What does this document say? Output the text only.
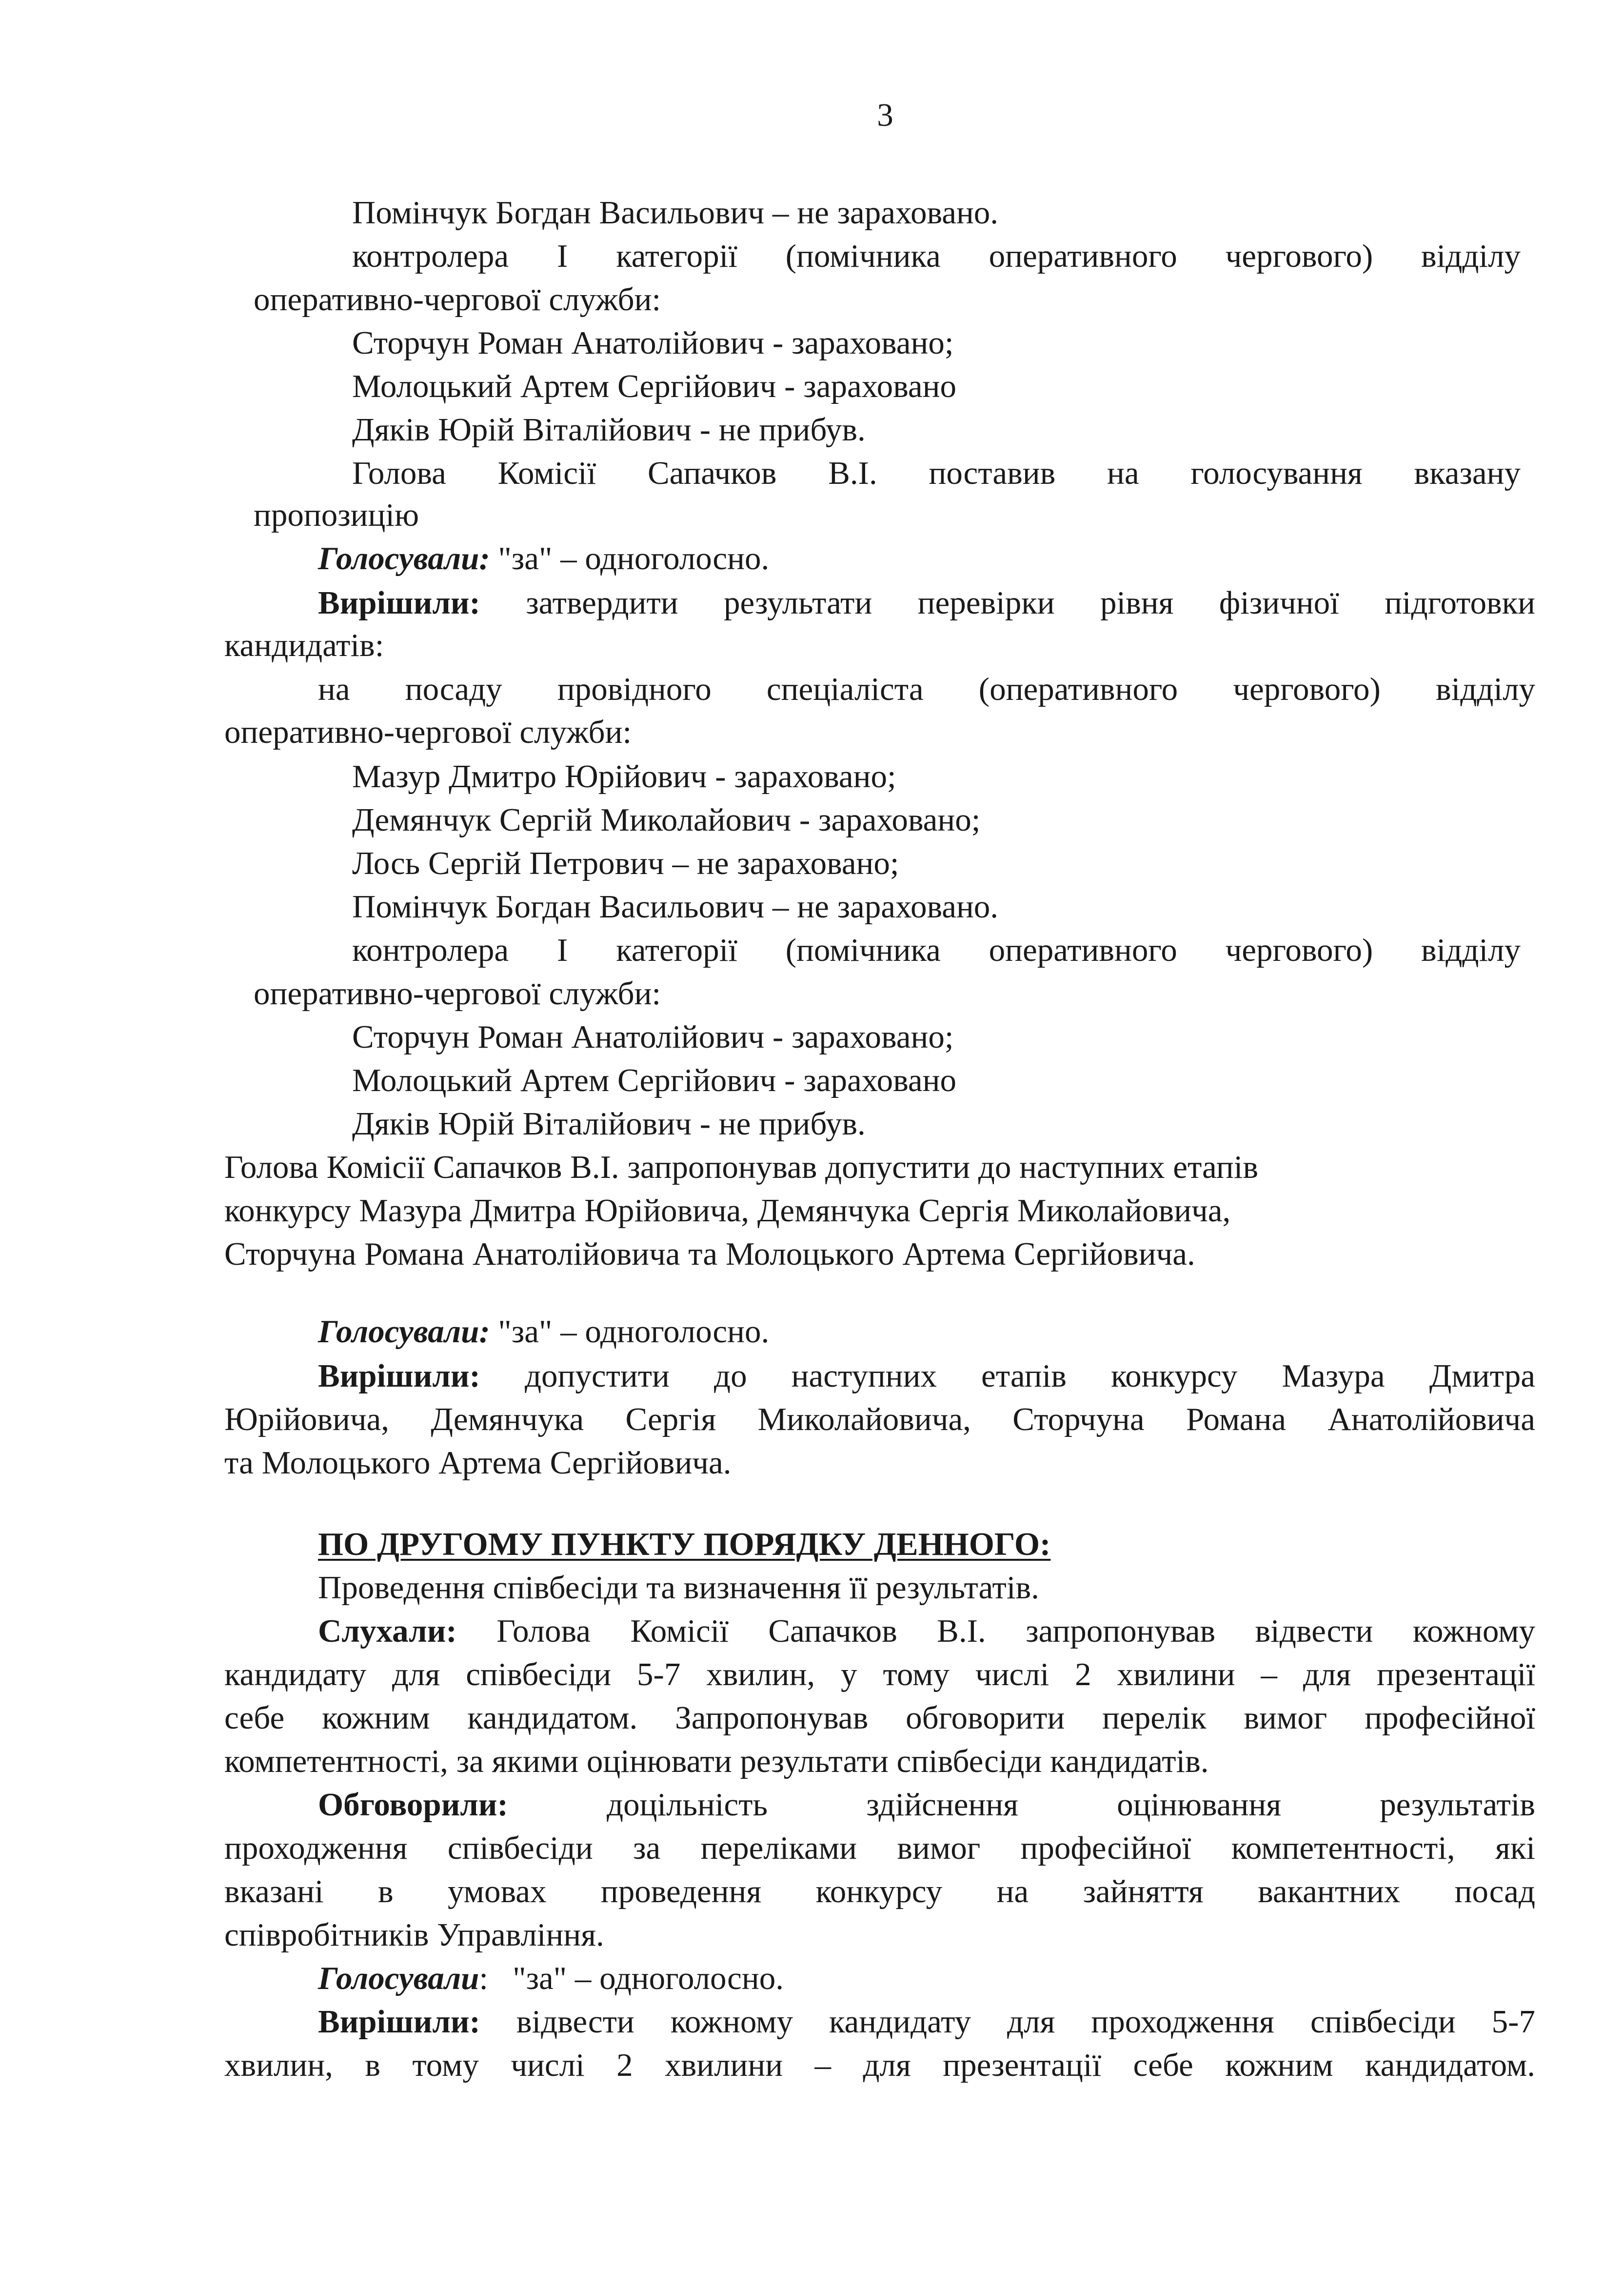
3
Помінчук Богдан Васильович – не зараховано.
контролера І категорії (помічника оперативного чергового) відділу
оперативно-чергової служби:
Сторчун Роман Анатолійович - зараховано;
Молоцький Артем Сергійович - зараховано
Дяків Юрій Віталійович - не прибув.
Голова Комісії Сапачков В.І. поставив на голосування вказану
пропозицію
Голосували: "за" – одноголосно.
Вирішили: затвердити результати перевірки рівня фізичної підготовки
кандидатів:
на посаду провідного спеціаліста (оперативного чергового) відділу
оперативно-чергової служби:
Мазур Дмитро Юрійович - зараховано;
Демянчук Сергій Миколайович - зараховано;
Лось Сергій Петрович – не зараховано;
Помінчук Богдан Васильович – не зараховано.
контролера І категорії (помічника оперативного чергового) відділу
оперативно-чергової служби:
Сторчун Роман Анатолійович - зараховано;
Молоцький Артем Сергійович - зараховано
Дяків Юрій Віталійович - не прибув.
Голова Комісії Сапачков В.І. запропонував допустити до наступних етапів
конкурсу Мазура Дмитра Юрійовича, Демянчука Сергія Миколайовича,
Сторчуна Романа Анатолійовича та Молоцького Артема Сергійовича.
Голосували: "за" – одноголосно.
Вирішили: допустити до наступних етапів конкурсу Мазура Дмитра
Юрійовича, Демянчука Сергія Миколайовича, Сторчуна Романа Анатолійовича
та Молоцького Артема Сергійовича.
ПО ДРУГОМУ ПУНКТУ ПОРЯДКУ ДЕННОГО:
Проведення співбесіди та визначення її результатів.
Слухали: Голова Комісії Сапачков В.І. запропонував відвести кожному
кандидату для співбесіди 5-7 хвилин, у тому числі 2 хвилини – для презентації
себе кожним кандидатом. Запропонував обговорити перелік вимог професійної
компетентності, за якими оцінювати результати співбесіди кандидатів.
Обговорили:	доцільність здійснення оцінювання результатів
проходження співбесіди за переліками вимог професійної компетентності, які
вказані в умовах проведення конкурсу на зайняття вакантних посад
співробітників Управління.
Голосували: "за" – одноголосно.
Вирішили: відвести кожному кандидату для проходження співбесіди 5-7
хвилин, в тому числі 2 хвилини – для презентації себе кожним кандидатом.
